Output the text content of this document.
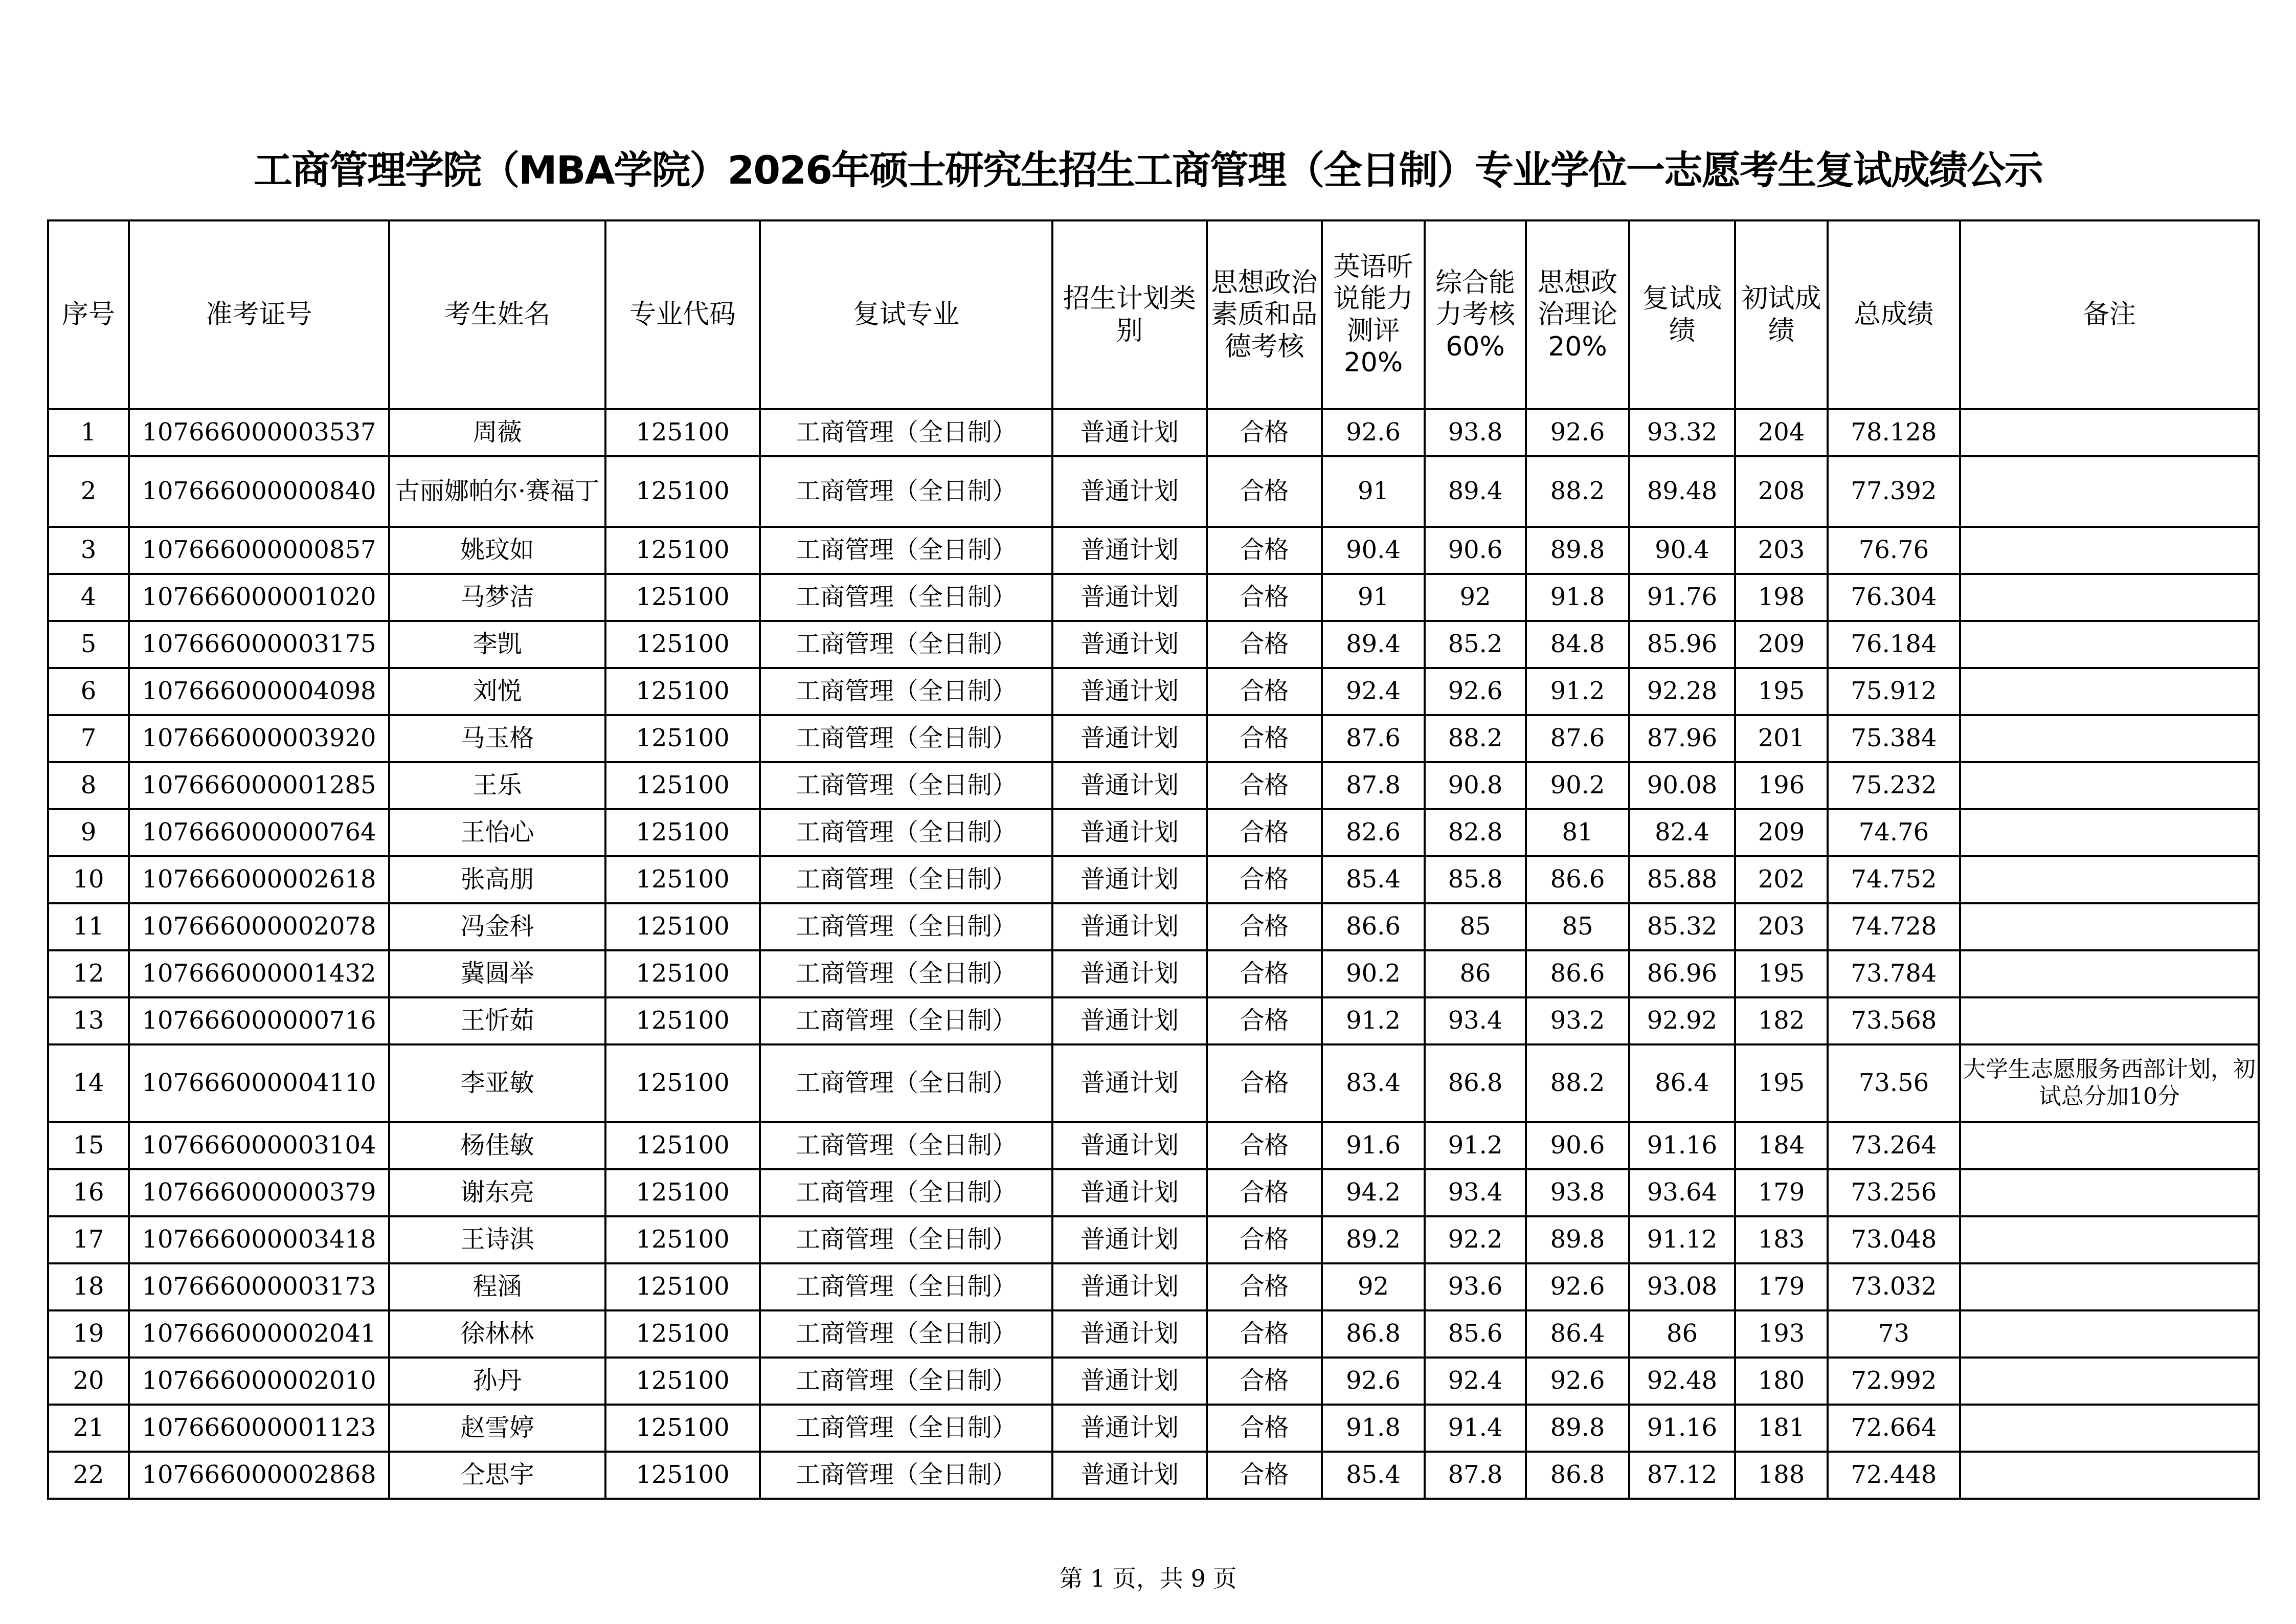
工商管理学院（MBA学院）2026年硕士研究生招生工商管理（全日制）专业学位一志愿考生复试成绩公示
序号	准考证号	考生姓名	专业代码	复试专业	招生计划类别	思想政治素质和品德考核	英语听说能力测评20%	综合能力考核60%	思想政治理论20%	复试成绩	初试成绩	总成绩	备注
1	107666000003537	周薇	125100	工商管理（全日制）	普通计划	合格	92.6	93.8	92.6	93.32	204	78.128	
2	107666000000840	古丽娜帕尔·赛福丁	125100	工商管理（全日制）	普通计划	合格	91	89.4	88.2	89.48	208	77.392	
3	107666000000857	姚玟如	125100	工商管理（全日制）	普通计划	合格	90.4	90.6	89.8	90.4	203	76.76	
4	107666000001020	马梦洁	125100	工商管理（全日制）	普通计划	合格	91	92	91.8	91.76	198	76.304	
5	107666000003175	李凯	125100	工商管理（全日制）	普通计划	合格	89.4	85.2	84.8	85.96	209	76.184	
6	107666000004098	刘悦	125100	工商管理（全日制）	普通计划	合格	92.4	92.6	91.2	92.28	195	75.912	
7	107666000003920	马玉格	125100	工商管理（全日制）	普通计划	合格	87.6	88.2	87.6	87.96	201	75.384	
8	107666000001285	王乐	125100	工商管理（全日制）	普通计划	合格	87.8	90.8	90.2	90.08	196	75.232	
9	107666000000764	王怡心	125100	工商管理（全日制）	普通计划	合格	82.6	82.8	81	82.4	209	74.76	
10	107666000002618	张高朋	125100	工商管理（全日制）	普通计划	合格	85.4	85.8	86.6	85.88	202	74.752	
11	107666000002078	冯金科	125100	工商管理（全日制）	普通计划	合格	86.6	85	85	85.32	203	74.728	
12	107666000001432	冀圆举	125100	工商管理（全日制）	普通计划	合格	90.2	86	86.6	86.96	195	73.784	
13	107666000000716	王忻茹	125100	工商管理（全日制）	普通计划	合格	91.2	93.4	93.2	92.92	182	73.568	
14	107666000004110	李亚敏	125100	工商管理（全日制）	普通计划	合格	83.4	86.8	88.2	86.4	195	73.56	大学生志愿服务西部计划，初试总分加10分
15	107666000003104	杨佳敏	125100	工商管理（全日制）	普通计划	合格	91.6	91.2	90.6	91.16	184	73.264	
16	107666000000379	谢东亮	125100	工商管理（全日制）	普通计划	合格	94.2	93.4	93.8	93.64	179	73.256	
17	107666000003418	王诗淇	125100	工商管理（全日制）	普通计划	合格	89.2	92.2	89.8	91.12	183	73.048	
18	107666000003173	程涵	125100	工商管理（全日制）	普通计划	合格	92	93.6	92.6	93.08	179	73.032	
19	107666000002041	徐林林	125100	工商管理（全日制）	普通计划	合格	86.8	85.6	86.4	86	193	73	
20	107666000002010	孙丹	125100	工商管理（全日制）	普通计划	合格	92.6	92.4	92.6	92.48	180	72.992	
21	107666000001123	赵雪婷	125100	工商管理（全日制）	普通计划	合格	91.8	91.4	89.8	91.16	181	72.664	
22	107666000002868	仝思宇	125100	工商管理（全日制）	普通计划	合格	85.4	87.8	86.8	87.12	188	72.448	
第 1 页，共 9 页
